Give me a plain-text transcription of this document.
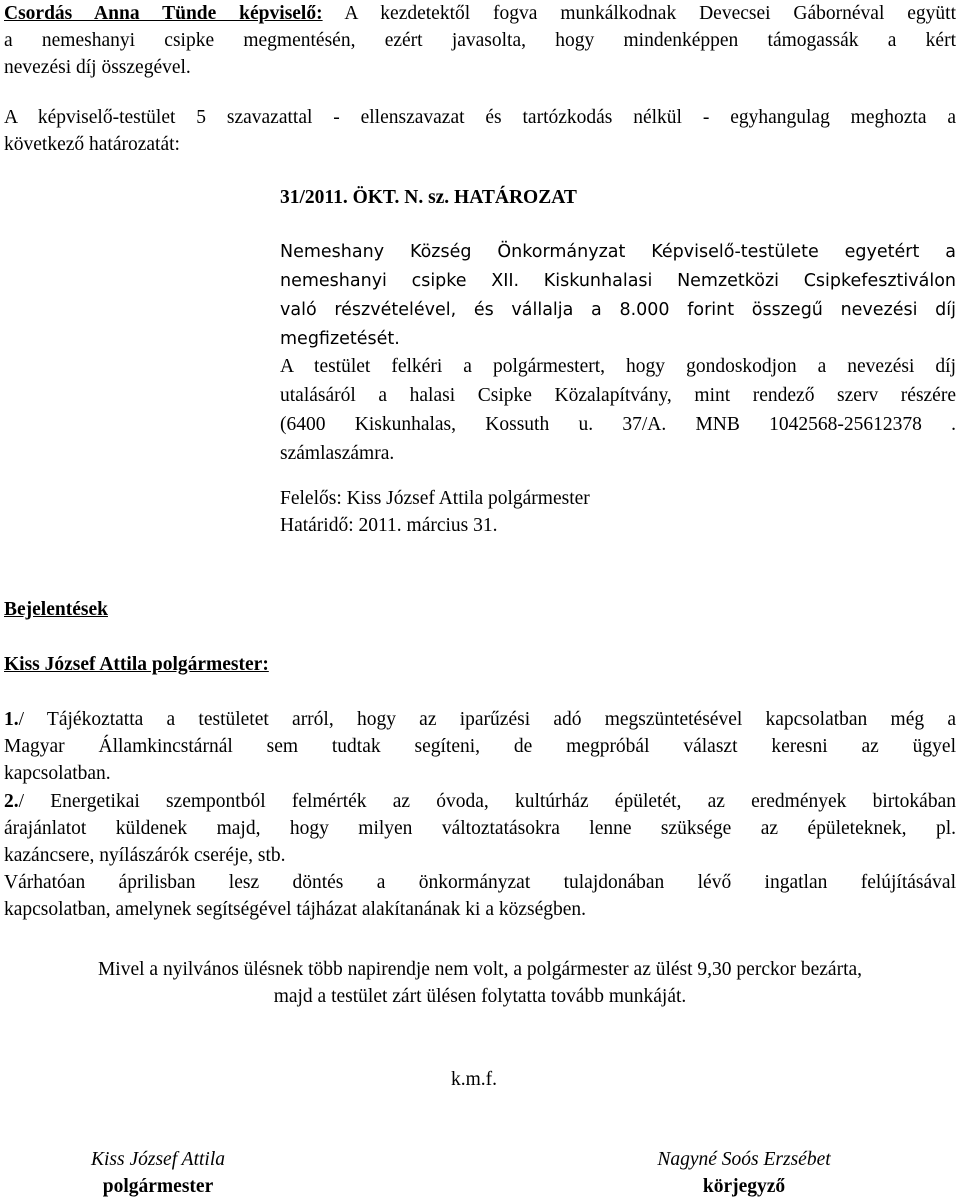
Csordás Anna Tünde képviselő: A kezdetektől fogva munkálkodnak Devecsei Gábornéval együtt

a nemeshanyi csipke megmentésén, ezért javasolta, hogy mindenképpen támogassák a kért

nevezési díj összegével.

A képviselő-testület 5 szavazattal - ellenszavazat és tartózkodás nélkül - egyhangulag meghozta a

következő határozatát:

31/2011. ÖKT. N. sz. HATÁROZAT

Nemeshany Község Önkormányzat Képviselő-testülete egyetért a

nemeshanyi csipke XII. Kiskunhalasi Nemzetközi Csipkefesztiválon

való részvételével, és vállalja a 8.000 forint összegű nevezési díj

megfizetését.

A testület felkéri a polgármestert, hogy gondoskodjon a nevezési díj

utalásáról a halasi Csipke Közalapítvány, mint rendező szerv részére

(6400 Kiskunhalas, Kossuth u. 37/A. MNB 1042568-25612378 .

számlaszámra.

Felelős: Kiss József Attila polgármester
Határidő: 2011. március 31.
Bejelentések
Kiss József Attila polgármester:

1./ Tájékoztatta a testületet arról, hogy az iparűzési adó megszüntetésével kapcsolatban még a

Magyar Államkincstárnál sem tudtak segíteni, de megpróbál választ keresni az ügyel

kapcsolatban.

2./ Energetikai szempontból felmérték az óvoda, kultúrház épületét, az eredmények birtokában

árajánlatot küldenek majd, hogy milyen változtatásokra lenne szüksége az épületeknek, pl.

kazáncsere, nyílászárók cseréje, stb.

Várhatóan áprilisban lesz döntés a önkormányzat tulajdonában lévő ingatlan felújításával

kapcsolatban, amelynek segítségével tájházat alakítanának ki a községben.

Mivel a nyilvános ülésnek több napirendje nem volt, a polgármester az ülést 9,30 perckor bezárta,
majd a testület zárt ülésen folytatta tovább munkáját.
k.m.f.
Kiss József Attila
polgármester
Nagyné Soós Erzsébet
körjegyző
